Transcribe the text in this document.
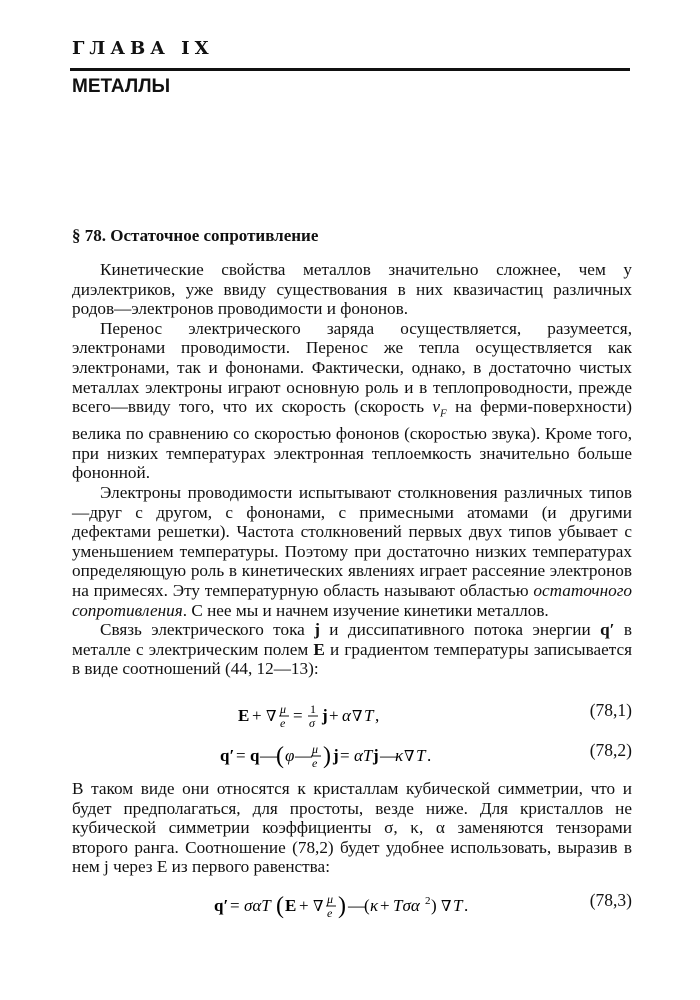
ГЛАВА IX
МЕТАЛЛЫ
§ 78. Остаточное сопротивление

Кинетические свойства металлов значительно сложнее, чем у диэлектриков, уже ввиду существования в них квазичастиц различных родов—электронов проводимости и фононов.

Перенос электрического заряда осуществляется, разумеется, электронами проводимости. Перенос же тепла осуществляется как электронами, так и фононами. Фактически, однако, в достаточно чистых металлах электроны играют основную роль и в теплопроводности, прежде всего—ввиду того, что их скорость (скорость $v_F$ на ферми-поверхности) велика по сравнению со скоростью фононов (скоростью звука). Кроме того, при низких температурах электронная теплоемкость значительно больше фононной.

Электроны проводимости испытывают столкновения различных типов—друг с другом, с фононами, с примесными атомами (и другими дефектами решетки). Частота столкновений первых двух типов убывает с уменьшением температуры. Поэтому при достаточно низких температурах определяющую роль в кинетических явлениях играет рассеяние электронов на примесях. Эту температурную область называют областью остаточного сопротивления. С нее мы и начнем изучение кинетики металлов.

Связь электрического тока j и диссипативного потока энергии q′ в металле с электрическим полем E и градиентом температуры записывается в виде соотношений (44, 12—13):

E + ∇ μ
e = 1
σ j + α ∇ T ,	(78,1)
q′ = q — ( φ — μ
e ) j = αT j —
κ ∇ T .	(78,2)

В таком виде они относятся к кристаллам кубической симметрии, что и будет предполагаться, для простоты, везде ниже. Для кристаллов не кубической симметрии коэффициенты σ, κ, α заменяются тензорами второго ранга. Соотношение (78,2) будет удобнее использовать, выразив в нем j через E из первого равенства:

q′ = σαT ( E + ∇ μ
e ) — ( κ + Tσα 2 ) ∇ T .	(78,3)
